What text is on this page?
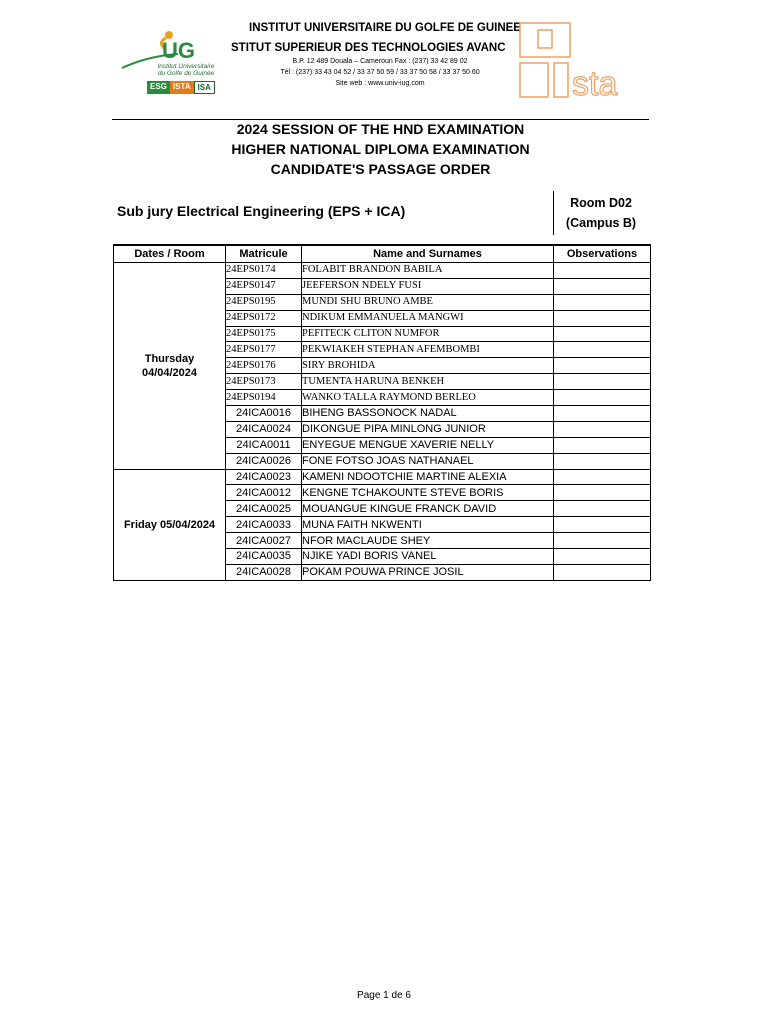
UG
Institut Universitaire
du Golfe de Guinée
ESG ISTA ISA
INSTITUT UNIVERSITAIRE DU GOLFE DE GUINEE
STITUT SUPERIEUR DES TECHNOLOGIES AVANC
B.P. 12 489 Douala – Cameroun Fax : (237) 33 42 89 02
Tél : (237) 33 43 04 52 / 33 37 50 59 / 33 37 50 58 / 33 37 50 60
Site web : www.univ-iug.com	sta
2024 SESSION OF THE HND EXAMINATION
HIGHER NATIONAL DIPLOMA EXAMINATION
CANDIDATE'S PASSAGE ORDER
Sub jury Electrical Engineering (EPS + ICA)	Room D02
(Campus B)
Dates / Room	Matricule	Name and Surnames	Observations

Thursday
04/04/2024	24EPS0174	FOLABIT BRANDON BABILA	
	24EPS0147	JEEFERSON NDELY FUSI	
	24EPS0195	MUNDI SHU BRUNO AMBE	
	24EPS0172	NDIKUM EMMANUELA MANGWI	
	24EPS0175	PEFITECK CLITON NUMFOR	
	24EPS0177	PEKWIAKEH STEPHAN AFEMBOMBI	
	24EPS0176	SIRY BROHIDA	
	24EPS0173	TUMENTA HARUNA BENKEH	
	24EPS0194	WANKO TALLA RAYMOND BERLEO	
	24ICA0016	BIHENG BASSONOCK NADAL	
	24ICA0024	DIKONGUE PIPA MINLONG JUNIOR	
	24ICA0011	ENYEGUE MENGUE XAVERIE NELLY	
	24ICA0026	FONE FOTSO JOAS NATHANAEL	

Friday 05/04/2024	24ICA0023	KAMENI NDOOTCHIE MARTINE ALEXIA	
	24ICA0012	KENGNE TCHAKOUNTE STEVE BORIS	
	24ICA0025	MOUANGUE KINGUE FRANCK DAVID	
	24ICA0033	MUNA FAITH NKWENTI	
	24ICA0027	NFOR MACLAUDE SHEY	
	24ICA0035	NJIKE YADI BORIS VANEL	
	24ICA0028	POKAM POUWA PRINCE JOSIL	
Page 1 de 6
